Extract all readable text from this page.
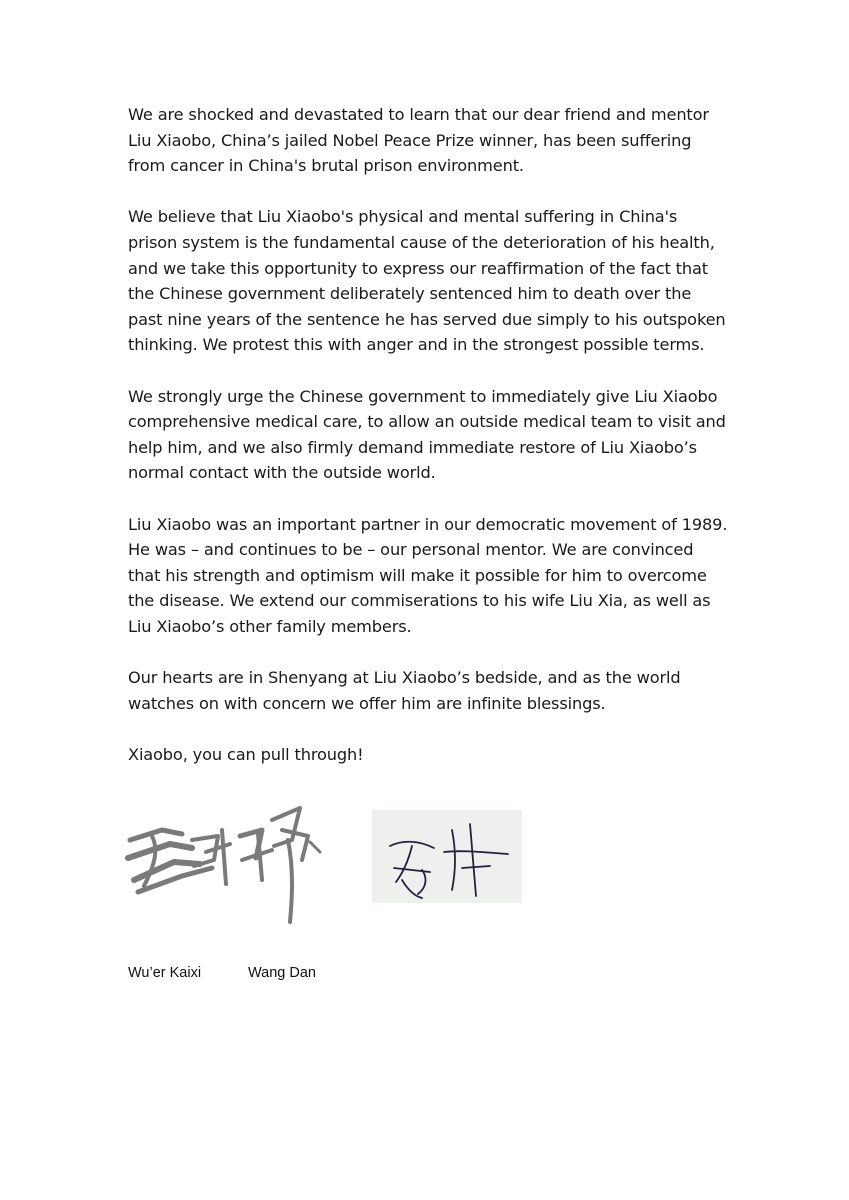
We are shocked and devastated to learn that our dear friend and mentor Liu Xiaobo, China’s jailed Nobel Peace Prize winner, has been suffering from cancer in China's brutal prison environment.

We believe that Liu Xiaobo's physical and mental suffering in China's prison system is the fundamental cause of the deterioration of his health, and we take this opportunity to express our reaffirmation of the fact that the Chinese government deliberately sentenced him to death over the past nine years of the sentence he has served due simply to his outspoken thinking. We protest this with anger and in the strongest possible terms.

We strongly urge the Chinese government to immediately give Liu Xiaobo comprehensive medical care, to allow an outside medical team to visit and help him, and we also firmly demand immediate restore of Liu Xiaobo’s normal contact with the outside world.

Liu Xiaobo was an important partner in our democratic movement of 1989. He was – and continues to be – our personal mentor. We are convinced that his strength and optimism will make it possible for him to overcome the disease. We extend our commiserations to his wife Liu Xia, as well as Liu Xiaobo’s other family members.

Our hearts are in Shenyang at Liu Xiaobo’s bedside, and as the world watches on with concern we offer him are infinite blessings.

Xiaobo, you can pull through!

Wu’er Kaixi	Wang Dan
